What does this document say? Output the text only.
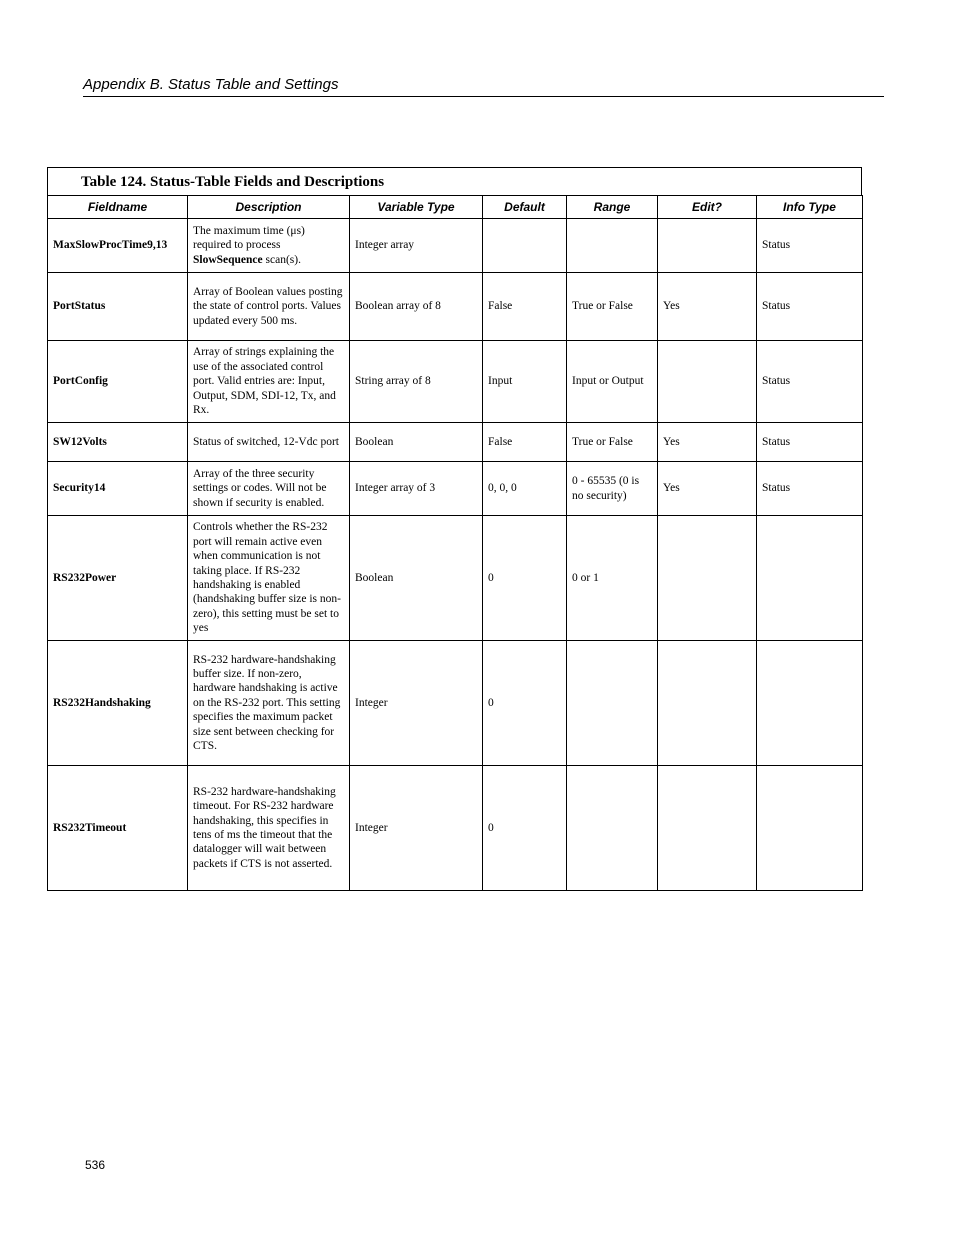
Appendix B. Status Table and Settings
Table 124. Status-Table Fields and Descriptions
Fieldname	Description	Variable Type	Default	Range	Edit?	Info Type
MaxSlowProcTime9,13	The maximum time (μs) required to process SlowSequence scan(s).	Integer array				Status
PortStatus	Array of Boolean values posting the state of control ports. Values updated every 500 ms.	Boolean array of 8	False	True or False	Yes	Status
PortConfig	Array of strings explaining the use of the associated control port. Valid entries are: Input, Output, SDM, SDI-12, Tx, and Rx.	String array of 8	Input	Input or Output		Status
SW12Volts	Status of switched, 12-Vdc port	Boolean	False	True or False	Yes	Status
Security14	Array of the three security settings or codes. Will not be shown if security is enabled.	Integer array of 3	0, 0, 0	0 - 65535 (0 is no security)	Yes	Status
RS232Power	Controls whether the RS-232 port will remain active even when communication is not taking place. If RS-232 handshaking is enabled (handshaking buffer size is non-zero), this setting must be set to yes	Boolean	0	0 or 1		
RS232Handshaking	RS-232 hardware-handshaking buffer size. If non-zero, hardware handshaking is active on the RS-232 port. This setting specifies the maximum packet size sent between checking for CTS.	Integer	0			
RS232Timeout	RS-232 hardware-handshaking timeout. For RS-232 hardware handshaking, this specifies in tens of ms the timeout that the datalogger will wait between packets if CTS is not asserted.	Integer	0			
536
